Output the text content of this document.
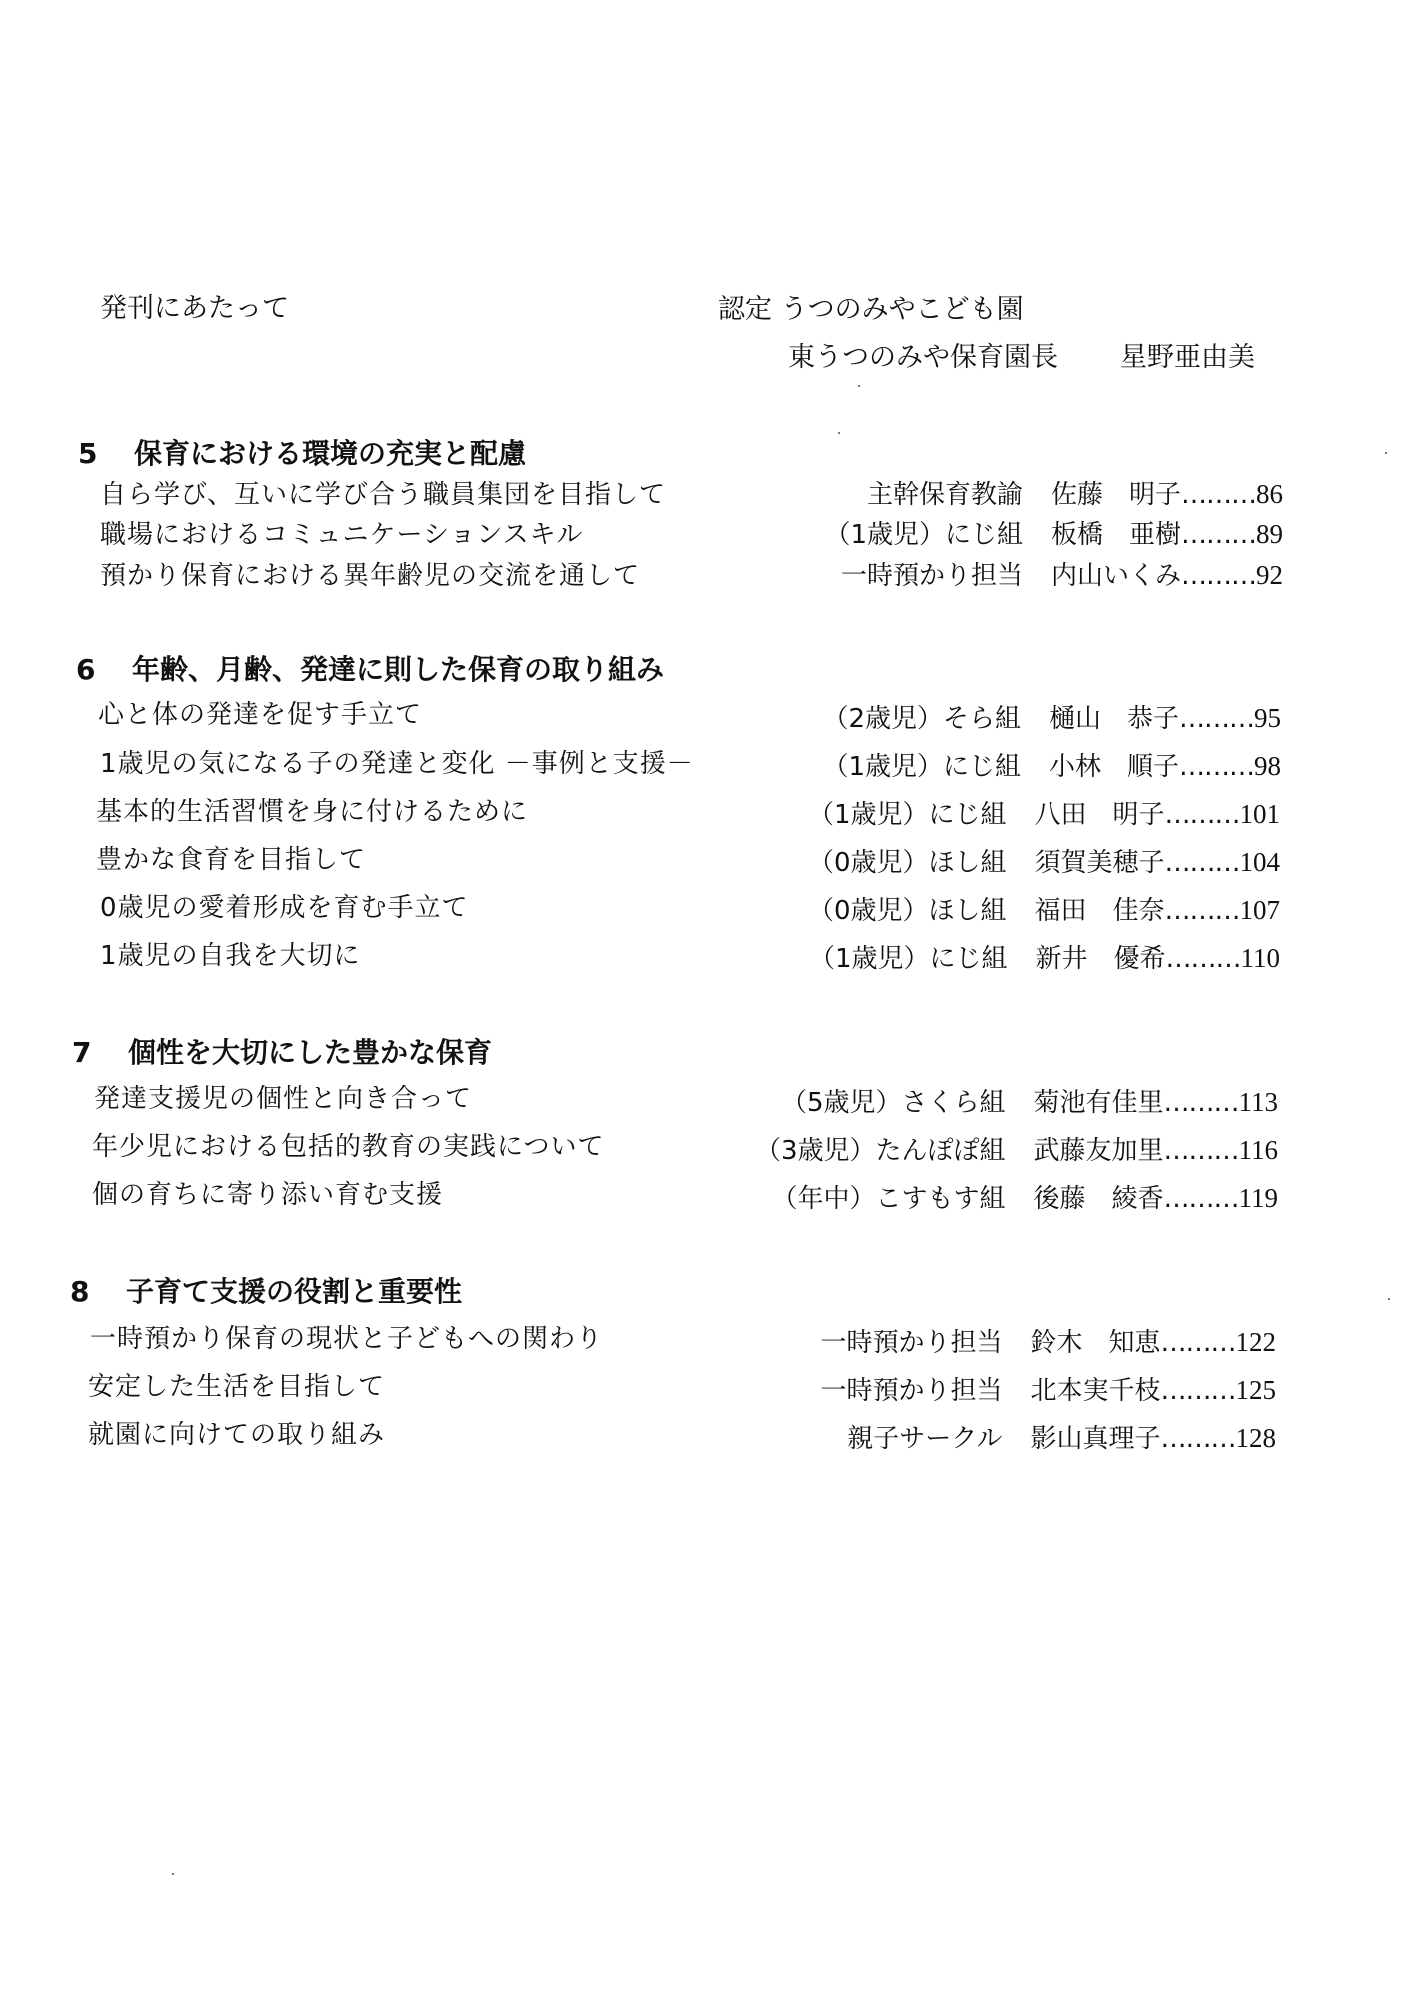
発刊にあたって	認定 うつのみやこども園
東うつのみや保育園長 星野亜由美
5 保育における環境の充実と配慮
自ら学び、互いに学び合う職員集団を目指して	主幹保育教諭 佐藤　明子………86
職場におけるコミュニケーションスキル	（1歳児）にじ組 板橋　亜樹………89
預かり保育における異年齢児の交流を通して	一時預かり担当 内山いくみ………92
6 年齢、月齢、発達に則した保育の取り組み
心と体の発達を促す手立て	（2歳児）そら組 樋山　恭子………95
1歳児の気になる子の発達と変化 －事例と支援－	（1歳児）にじ組 小林　順子………98
基本的生活習慣を身に付けるために	（1歳児）にじ組 八田　明子………101
豊かな食育を目指して	（0歳児）ほし組 須賀美穂子………104
0歳児の愛着形成を育む手立て	（0歳児）ほし組 福田　佳奈………107
1歳児の自我を大切に	（1歳児）にじ組 新井　優希………110
7 個性を大切にした豊かな保育
発達支援児の個性と向き合って	（5歳児）さくら組 菊池有佳里………113
年少児における包括的教育の実践について	（3歳児）たんぽぽ組 武藤友加里………116
個の育ちに寄り添い育む支援	（年中）こすもす組 後藤　綾香………119
8 子育て支援の役割と重要性
一時預かり保育の現状と子どもへの関わり	一時預かり担当 鈴木　知恵………122
安定した生活を目指して	一時預かり担当 北本実千枝………125
就園に向けての取り組み	親子サークル 影山真理子………128
